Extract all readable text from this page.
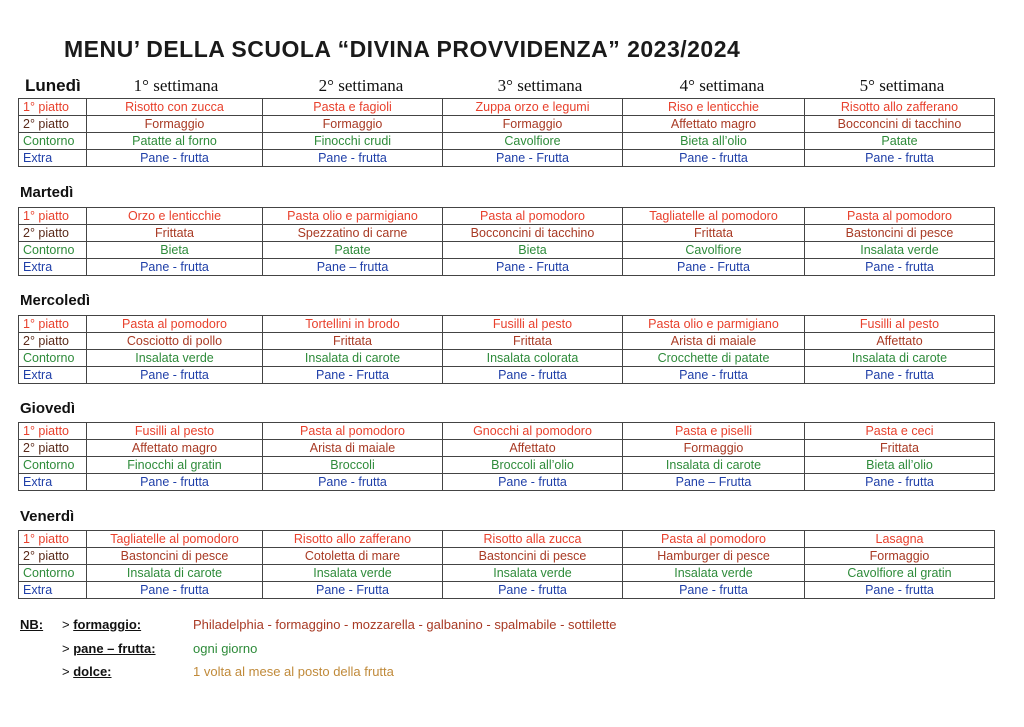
MENU’ DELLA SCUOLA “DIVINA PROVVIDENZA” 2023/2024
1° settimana	2° settimana	3° settimana	4° settimana	5° settimana
Lunedì
1° piatto	Risotto con zucca	Pasta e fagioli	Zuppa orzo e legumi	Riso e lenticchie	Risotto allo zafferano
2° piatto	Formaggio	Formaggio	Formaggio	Affettato magro	Bocconcini di tacchino
Contorno	Patatte al forno	Finocchi crudi	Cavolfiore	Bieta all’olio	Patate
Extra	Pane - frutta	Pane - frutta	Pane - Frutta	Pane - frutta	Pane - frutta
Martedì
1° piatto	Orzo e lenticchie	Pasta olio e parmigiano	Pasta al pomodoro	Tagliatelle al pomodoro	Pasta al pomodoro
2° piatto	Frittata	Spezzatino di carne	Bocconcini di tacchino	Frittata	Bastoncini di pesce
Contorno	Bieta	Patate	Bieta	Cavolfiore	Insalata verde
Extra	Pane - frutta	Pane – frutta	Pane - Frutta	Pane - Frutta	Pane - frutta
Mercoledì
1° piatto	Pasta al pomodoro	Tortellini in brodo	Fusilli al pesto	Pasta olio e parmigiano	Fusilli al pesto
2° piatto	Cosciotto di pollo	Frittata	Frittata	Arista di maiale	Affettato
Contorno	Insalata verde	Insalata di carote	Insalata colorata	Crocchette di patate	Insalata di carote
Extra	Pane - frutta	Pane - Frutta	Pane - frutta	Pane - frutta	Pane - frutta
Giovedì
1° piatto	Fusilli al pesto	Pasta al pomodoro	Gnocchi al pomodoro	Pasta e piselli	Pasta e ceci
2° piatto	Affettato magro	Arista di maiale	Affettato	Formaggio	Frittata
Contorno	Finocchi al gratin	Broccoli	Broccoli all’olio	Insalata di carote	Bieta all’olio
Extra	Pane - frutta	Pane - frutta	Pane - frutta	Pane – Frutta	Pane - frutta
Venerdì
1° piatto	Tagliatelle al pomodoro	Risotto allo zafferano	Risotto alla zucca	Pasta al pomodoro	Lasagna
2° piatto	Bastoncini di pesce	Cotoletta di mare	Bastoncini di pesce	Hamburger di pesce	Formaggio
Contorno	Insalata di carote	Insalata verde	Insalata verde	Insalata verde	Cavolfiore al gratin
Extra	Pane - frutta	Pane - Frutta	Pane - frutta	Pane - frutta	Pane - frutta
NB: > formaggio:	Philadelphia - formaggino - mozzarella - galbanino - spalmabile - sottilette
> pane – frutta:	ogni giorno
> dolce:	1 volta al mese al posto della frutta
